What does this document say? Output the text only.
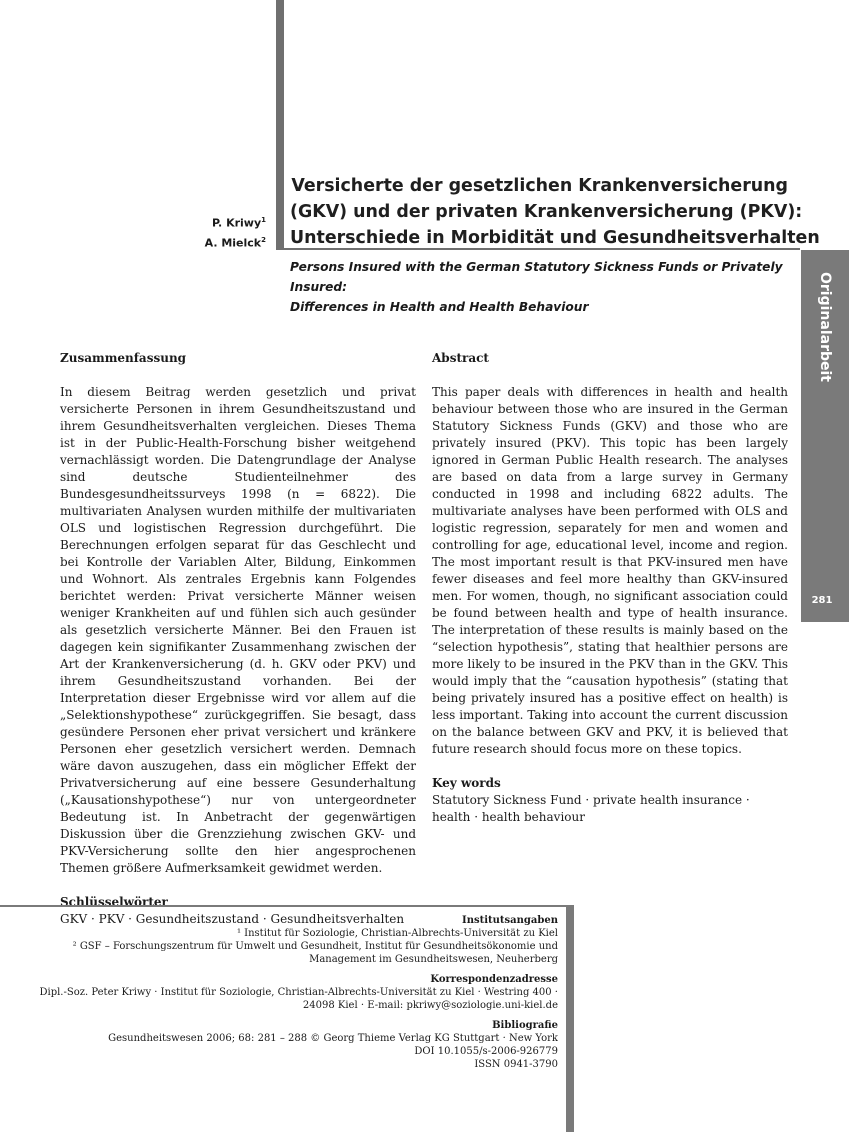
Originalarbeit
281
P. Kriwy$^1$
A. Mielck$^2$
Versicherte der gesetzlichen Krankenversicherung
(GKV) und der privaten Krankenversicherung (PKV):
Unterschiede in Morbidität und Gesundheitsverhalten
Persons Insured with the German Statutory Sickness Funds or Privately Insured:
Differences in Health and Health Behaviour

Zusammenfassung

In diesem Beitrag werden gesetzlich und privat versicherte Personen in ihrem Gesundheitszustand und ihrem Gesundheitsverhalten vergleichen. Dieses Thema ist in der Public-Health-Forschung bisher weitgehend vernachlässigt worden. Die Datengrundlage der Analyse sind deutsche Studienteilnehmer des Bundesgesundheitssurveys 1998 (n = 6822). Die multivariaten Analysen wurden mithilfe der multivariaten OLS und logistischen Regression durchgeführt. Die Berechnungen erfolgen separat für das Geschlecht und bei Kontrolle der Variablen Alter, Bildung, Einkommen und Wohnort. Als zentrales Ergebnis kann Folgendes berichtet werden: Privat versicherte Männer weisen weniger Krankheiten auf und fühlen sich auch gesünder als gesetzlich versicherte Männer. Bei den Frauen ist dagegen kein signifikanter Zusammenhang zwischen der Art der Krankenversicherung (d. h. GKV oder PKV) und ihrem Gesundheitszustand vorhanden. Bei der Interpretation dieser Ergebnisse wird vor allem auf die „Selektionshypothese“ zurückgegriffen. Sie besagt, dass gesündere Personen eher privat versichert und kränkere Personen eher gesetzlich versichert werden. Demnach wäre davon auszugehen, dass ein möglicher Effekt der Privatversicherung auf eine bessere Gesunderhaltung („Kausationshypothese“) nur von untergeordneter Bedeutung ist. In Anbetracht der gegenwärtigen Diskussion über die Grenzziehung zwischen GKV- und PKV-Versicherung sollte den hier angesprochenen Themen größere Aufmerksamkeit gewidmet werden.

Schlüsselwörter

GKV · PKV · Gesundheitszustand · Gesundheitsverhalten

Abstract

This paper deals with differences in health and health behaviour between those who are insured in the German Statutory Sickness Funds (GKV) and those who are privately insured (PKV). This topic has been largely ignored in German Public Health research. The analyses are based on data from a large survey in Germany conducted in 1998 and including 6822 adults. The multivariate analyses have been performed with OLS and logistic regression, separately for men and women and controlling for age, educational level, income and region. The most important result is that PKV-insured men have fewer diseases and feel more healthy than GKV-insured men. For women, though, no significant association could be found between health and type of health insurance. The interpretation of these results is mainly based on the “selection hypothesis”, stating that healthier persons are more likely to be insured in the PKV than in the GKV. This would imply that the “causation hypothesis” (stating that being privately insured has a positive effect on health) is less important. Taking into account the current discussion on the balance between GKV and PKV, it is believed that future research should focus more on these topics.

Key words

Statutory Sickness Fund · private health insurance · health · health behaviour

Institutsangaben
¹ Institut für Soziologie, Christian-Albrechts-Universität zu Kiel
² GSF – Forschungszentrum für Umwelt und Gesundheit, Institut für Gesundheitsökonomie und
Management im Gesundheitswesen, Neuherberg
Korrespondenzadresse
Dipl.-Soz. Peter Kriwy · Institut für Soziologie, Christian-Albrechts-Universität zu Kiel · Westring 400 ·
24098 Kiel · E-mail: pkriwy@soziologie.uni-kiel.de
Bibliografie
Gesundheitswesen 2006; 68: 281 – 288 © Georg Thieme Verlag KG Stuttgart · New York
DOI 10.1055/s-2006-926779
ISSN 0941-3790
